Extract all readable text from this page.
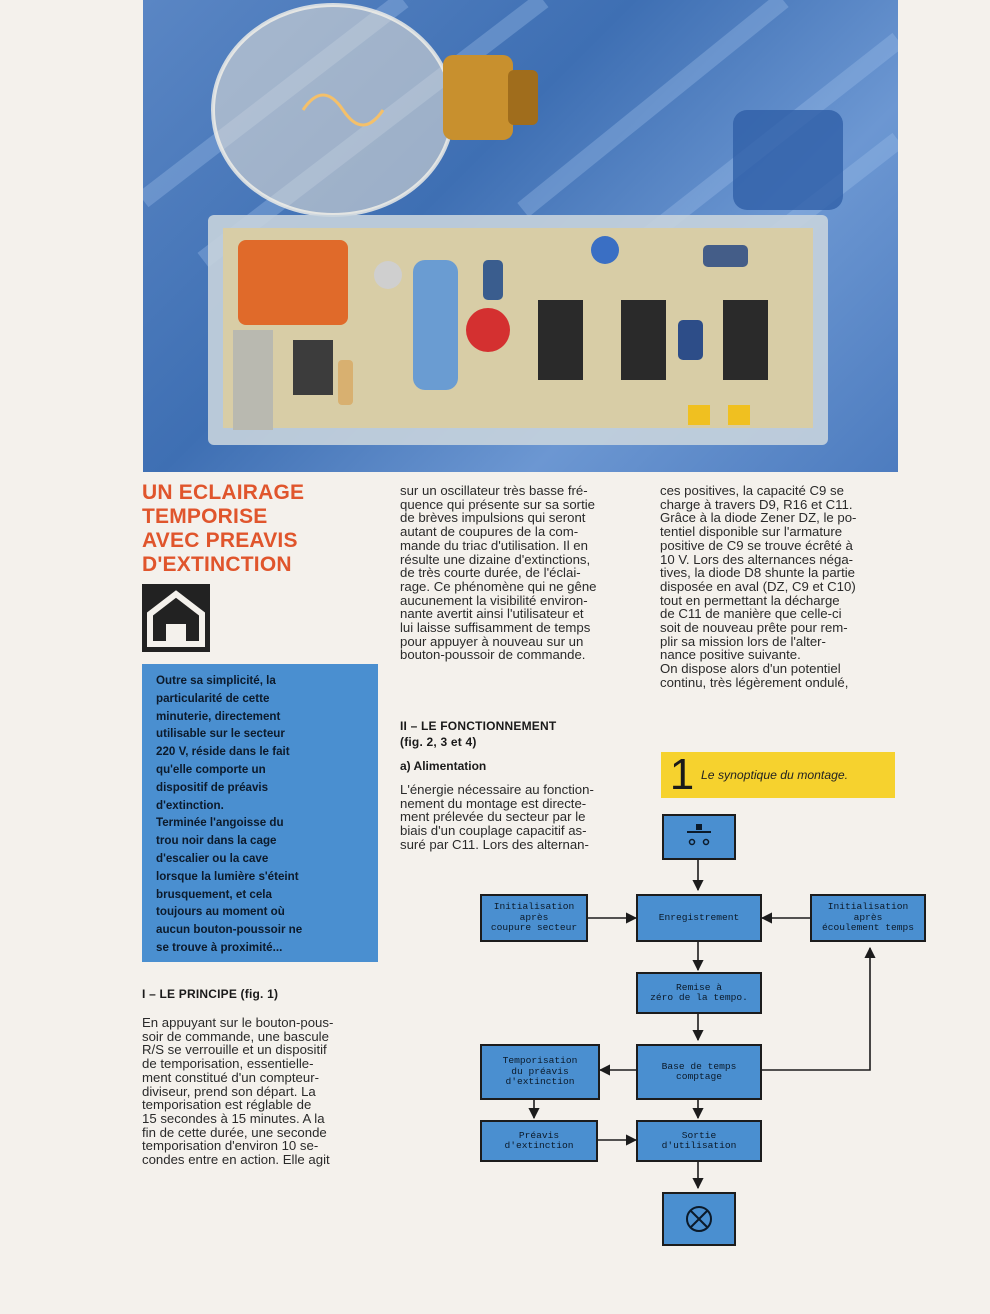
UN ECLAIRAGE
TEMPORISE
AVEC PREAVIS
D'EXTINCTION

Outre sa simplicité, la

particularité de cette

minuterie, directement

utilisable sur le secteur

220 V, réside dans le fait

qu'elle comporte un

dispositif de préavis

d'extinction.

Terminée l'angoisse du

trou noir dans la cage

d'escalier ou la cave

lorsque la lumière s'éteint

brusquement, et cela

toujours au moment où

aucun bouton-poussoir ne

se trouve à proximité...

I – LE PRINCIPE (fig. 1)

En appuyant sur le bouton-pous-

soir de commande, une bascule

R/S se verrouille et un dispositif

de temporisation, essentielle-

ment constitué d'un compteur-

diviseur, prend son départ. La

temporisation est réglable de

15 secondes à 15 minutes. A la

fin de cette durée, une seconde

temporisation d'environ 10 se-

condes entre en action. Elle agit

sur un oscillateur très basse fré-

quence qui présente sur sa sortie

de brèves impulsions qui seront

autant de coupures de la com-

mande du triac d'utilisation. Il en

résulte une dizaine d'extinctions,

de très courte durée, de l'éclai-

rage. Ce phénomène qui ne gêne

aucunement la visibilité environ-

nante avertit ainsi l'utilisateur et

lui laisse suffisamment de temps

pour appuyer à nouveau sur un

bouton-poussoir de commande.

II – LE FONCTIONNEMENT
(fig. 2, 3 et 4)
a) Alimentation

L'énergie nécessaire au fonction-

nement du montage est directe-

ment prélevée du secteur par le

biais d'un couplage capacitif as-

suré par C11. Lors des alternan-

ces positives, la capacité C9 se

charge à travers D9, R16 et C11.

Grâce à la diode Zener DZ, le po-

tentiel disponible sur l'armature

positive de C9 se trouve écrêté à

10 V. Lors des alternances néga-

tives, la diode D8 shunte la partie

disposée en aval (DZ, C9 et C10)

tout en permettant la décharge

de C11 de manière que celle-ci

soit de nouveau prête pour rem-

plir sa mission lors de l'alter-

nance positive suivante.

On dispose alors d'un potentiel

continu, très légèrement ondulé,

1 Le synoptique du montage.
Initialisation
après
coupure secteur
Enregistrement
Initialisation
après
écoulement temps
Remise à
zéro de la tempo.
Temporisation
du préavis
d'extinction
Base de temps
comptage
Préavis
d'extinction
Sortie
d'utilisation
